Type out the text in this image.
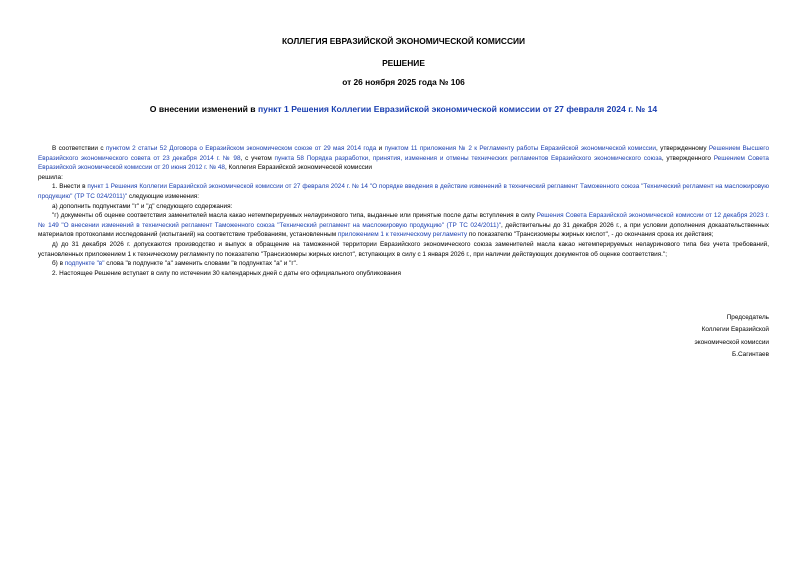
КОЛЛЕГИЯ ЕВРАЗИЙСКОЙ ЭКОНОМИЧЕСКОЙ КОМИССИИ
РЕШЕНИЕ
от 26 ноября 2025 года № 106
О внесении изменений в пункт 1 Решения Коллегии Евразийской экономической комиссии от 27 февраля 2024 г. № 14

В соответствии с пунктом 2 статьи 52 Договора о Евразийском экономическом союзе от 29 мая 2014 года и пунктом 11 приложения № 2 к Регламенту работы Евразийской экономической комиссии, утвержденному Решением Высшего Евразийского экономического совета от 23 декабря 2014 г. № 98, с учетом пункта 58 Порядка разработки, принятия, изменения и отмены технических регламентов Евразийского экономического союза, утвержденного Решением Совета Евразийской экономической комиссии от 20 июня 2012 г. № 48, Коллегия Евразийской экономической комиссии

решила:

1. Внести в пункт 1 Решения Коллегии Евразийской экономической комиссии от 27 февраля 2024 г. № 14 "О порядке введения в действие изменений в технический регламент Таможенного союза "Технический регламент на масложировую продукцию" (ТР ТС 024/2011)" следующие изменения:

а) дополнить подпунктами "г" и "д" следующего содержания:

"г) документы об оценке соответствия заменителей масла какао нетемперируемых нелауринового типа, выданные или принятые после даты вступления в силу Решения Совета Евразийской экономической комиссии от 12 декабря 2023 г. № 149 "О внесении изменений в технический регламент Таможенного союза "Технический регламент на масложировую продукцию" (ТР ТС 024/2011)", действительны до 31 декабря 2026 г., а при условии дополнения доказательственных материалов протоколами исследований (испытаний) на соответствие требованиям, установленным приложением 1 к техническому регламенту по показателю "Трансизомеры жирных кислот", - до окончания срока их действия;

д) до 31 декабря 2026 г. допускаются производство и выпуск в обращение на таможенной территории Евразийского экономического союза заменителей масла какао нетемперируемых нелауринового типа без учета требований, установленных приложением 1 к техническому регламенту по показателю "Трансизомеры жирных кислот", вступающих в силу с 1 января 2026 г., при наличии действующих документов об оценке соответствия.";

б) в подпункте "в" слова "в подпункте "а" заменить словами "в подпунктах "а" и "г".

2. Настоящее Решение вступает в силу по истечении 30 календарных дней с даты его официального опубликования

Председатель
Коллегии Евразийской
экономической комиссии
Б.Сагинтаев
